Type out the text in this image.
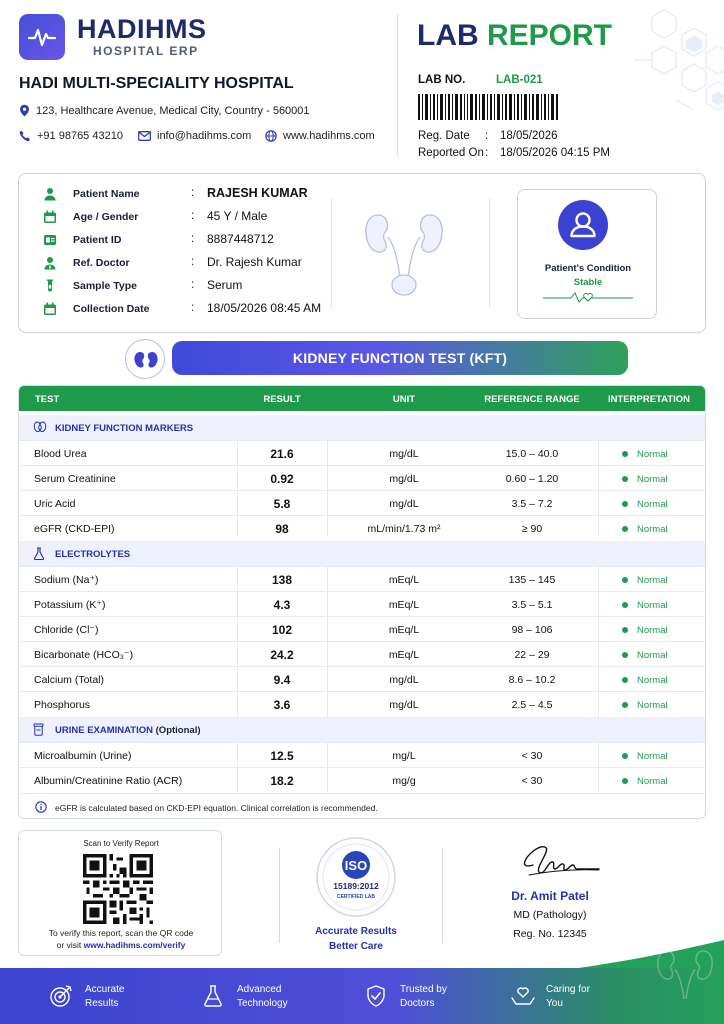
HADIHMS
HOSPITAL ERP
HADI MULTI-SPECIALITY HOSPITAL
123, Healthcare Avenue, Medical City, Country - 560001
+91 98765 43210	info@hadihms.com	www.hadihms.com
LAB REPORT
LAB NO.	LAB-021
Reg. Date	: 18/05/2026
Reported On : 18/05/2026 04:15 PM
Patient Name	: RAJESH KUMAR
Age / Gender	: 45 Y / Male
Patient ID	: 8887448712
Ref. Doctor	: Dr. Rajesh Kumar
Sample Type	: Serum
Collection Date	: 18/05/2026 08:45 AM
Patient's Condition
Stable
KIDNEY FUNCTION TEST (KFT)
TEST	RESULT	UNIT	REFERENCE RANGE	INTERPRETATION
KIDNEY FUNCTION MARKERS
Blood Urea	21.6	mg/dL	15.0 – 40.0	Normal
Serum Creatinine	0.92	mg/dL	0.60 – 1.20	Normal
Uric Acid	5.8	mg/dL	3.5 – 7.2	Normal
eGFR (CKD-EPI)	98	mL/min/1.73 m²	≥ 90	Normal
ELECTROLYTES
Sodium (Na⁺)	138	mEq/L	135 – 145	Normal
Potassium (K⁺)	4.3	mEq/L	3.5 – 5.1	Normal
Chloride (Cl⁻)	102	mEq/L	98 – 106	Normal
Bicarbonate (HCO₃⁻)	24.2	mEq/L	22 – 29	Normal
Calcium (Total)	9.4	mg/dL	8.6 – 10.2	Normal
Phosphorus	3.6	mg/dL	2.5 – 4.5	Normal
URINE EXAMINATION (Optional)
Microalbumin (Urine)	12.5	mg/L	< 30	Normal
Albumin/Creatinine Ratio (ACR)	18.2	mg/g	< 30	Normal
eGFR is calculated based on CKD-EPI equation. Clinical correlation is recommended.
Scan to Verify Report
To verify this report, scan the QR code
or visit www.hadihms.com/verify
ISO
15189:2012
CERTIFIED LAB
Accurate Results
Better Care
Dr. Amit Patel
MD (Pathology)
Reg. No. 12345
Accurate
Results
Advanced
Technology
Trusted by
Doctors
Caring for
You
